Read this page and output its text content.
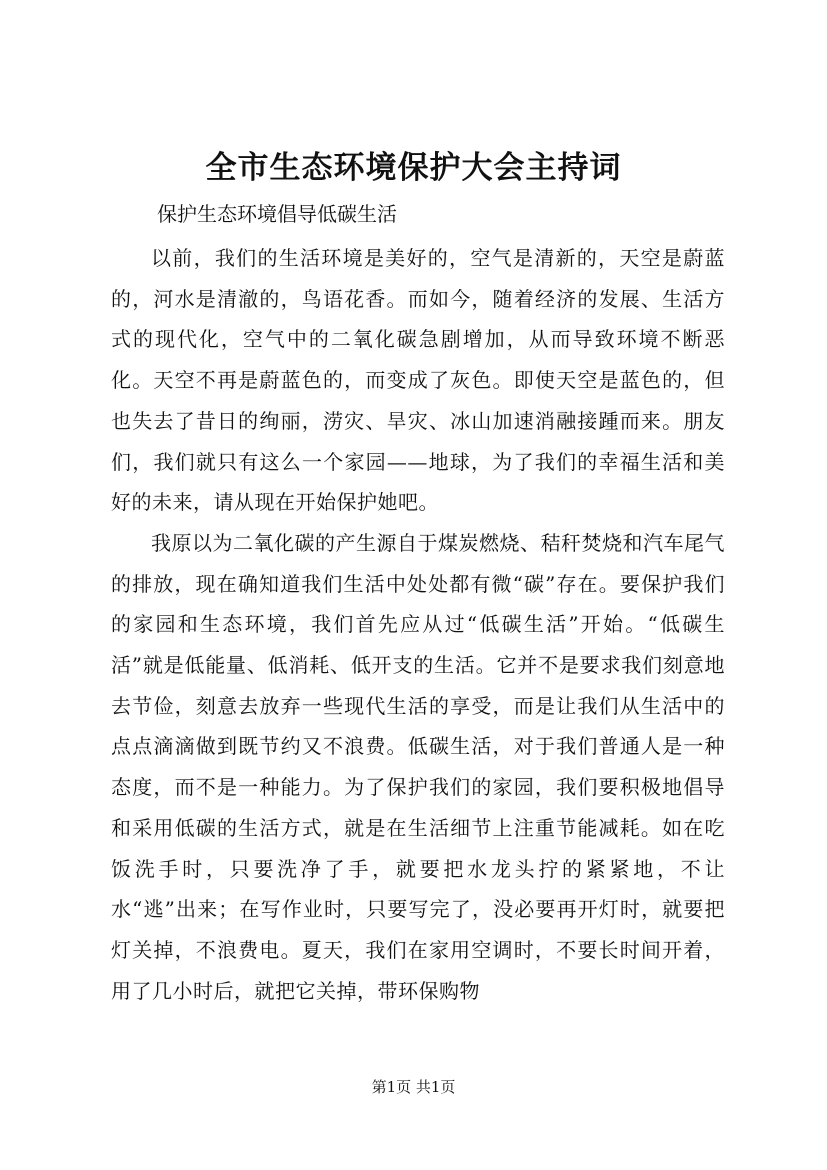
全市生态环境保护大会主持词

保护生态环境倡导低碳生活

以前，我们的生活环境是美好的，空气是清新的，天空是蔚蓝的，河水是清澈的，鸟语花香。而如今，随着经济的发展、生活方式的现代化，空气中的二氧化碳急剧增加，从而导致环境不断恶化。天空不再是蔚蓝色的，而变成了灰色。即使天空是蓝色的，但也失去了昔日的绚丽，涝灾、旱灾、冰山加速消融接踵而来。朋友们，我们就只有这么一个家园——地球，为了我们的幸福生活和美好的未来，请从现在开始保护她吧。

我原以为二氧化碳的产生源自于煤炭燃烧、秸秆焚烧和汽车尾气的排放，现在确知道我们生活中处处都有微“碳”存在。要保护我们的家园和生态环境，我们首先应从过“低碳生活”开始。“低碳生活”就是低能量、低消耗、低开支的生活。它并不是要求我们刻意地去节俭，刻意去放弃一些现代生活的享受，而是让我们从生活中的点点滴滴做到既节约又不浪费。低碳生活，对于我们普通人是一种态度，而不是一种能力。为了保护我们的家园，我们要积极地倡导和采用低碳的生活方式，就是在生活细节上注重节能减耗。如在吃饭洗手时，只要洗净了手，就要把水龙头拧的紧紧地，不让水“逃”出来；在写作业时，只要写完了，没必要再开灯时，就要把灯关掉，不浪费电。夏天，我们在家用空调时，不要长时间开着，用了几小时后，就把它关掉，带环保购物

第1页 共1页
